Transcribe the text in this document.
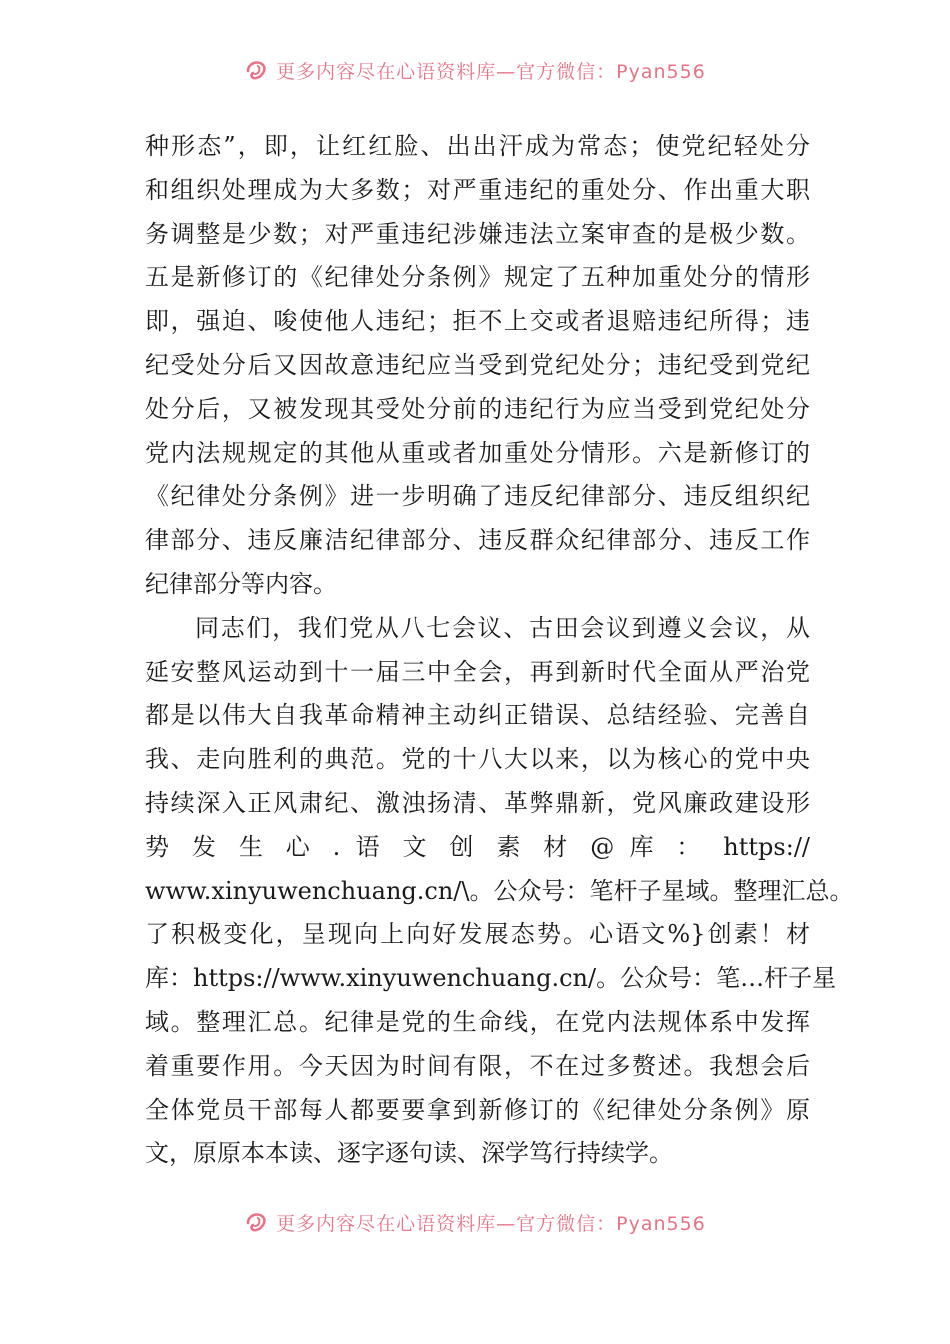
更多内容尽在心语资料库—官方微信：Pyan556
种形态”，即，让红红脸、出出汗成为常态；使党纪轻处分
和组织处理成为大多数；对严重违纪的重处分、作出重大职
务调整是少数；对严重违纪涉嫌违法立案审查的是极少数。
五是新修订的《纪律处分条例》规定了五种加重处分的情形
即，强迫、唆使他人违纪；拒不上交或者退赔违纪所得；违
纪受处分后又因故意违纪应当受到党纪处分；违纪受到党纪
处分后，又被发现其受处分前的违纪行为应当受到党纪处分
党内法规规定的其他从重或者加重处分情形。六是新修订的
《纪律处分条例》进一步明确了违反纪律部分、违反组织纪
律部分、违反廉洁纪律部分、违反群众纪律部分、违反工作
纪律部分等内容。
同志们，我们党从八七会议、古田会议到遵义会议，从
延安整风运动到十一届三中全会，再到新时代全面从严治党
都是以伟大自我革命精神主动纠正错误、总结经验、完善自
我、走向胜利的典范。党的十八大以来，以为核心的党中央
持续深入正风肃纪、激浊扬清、革弊鼎新，党风廉政建设形
势 发 生 心 . 语 文 创 素 材 @ 库 ： https://
www.xinyuwenchuang.cn/\。公众号：笔杆子星域。整理汇总。
了积极变化，呈现向上向好发展态势。心语文%}创素！材
库：https://www.xinyuwenchuang.cn/。公众号：笔…杆子星
域。整理汇总。纪律是党的生命线，在党内法规体系中发挥
着重要作用。今天因为时间有限，不在过多赘述。我想会后
全体党员干部每人都要要拿到新修订的《纪律处分条例》原
文，原原本本读、逐字逐句读、深学笃行持续学。
更多内容尽在心语资料库—官方微信：Pyan556
